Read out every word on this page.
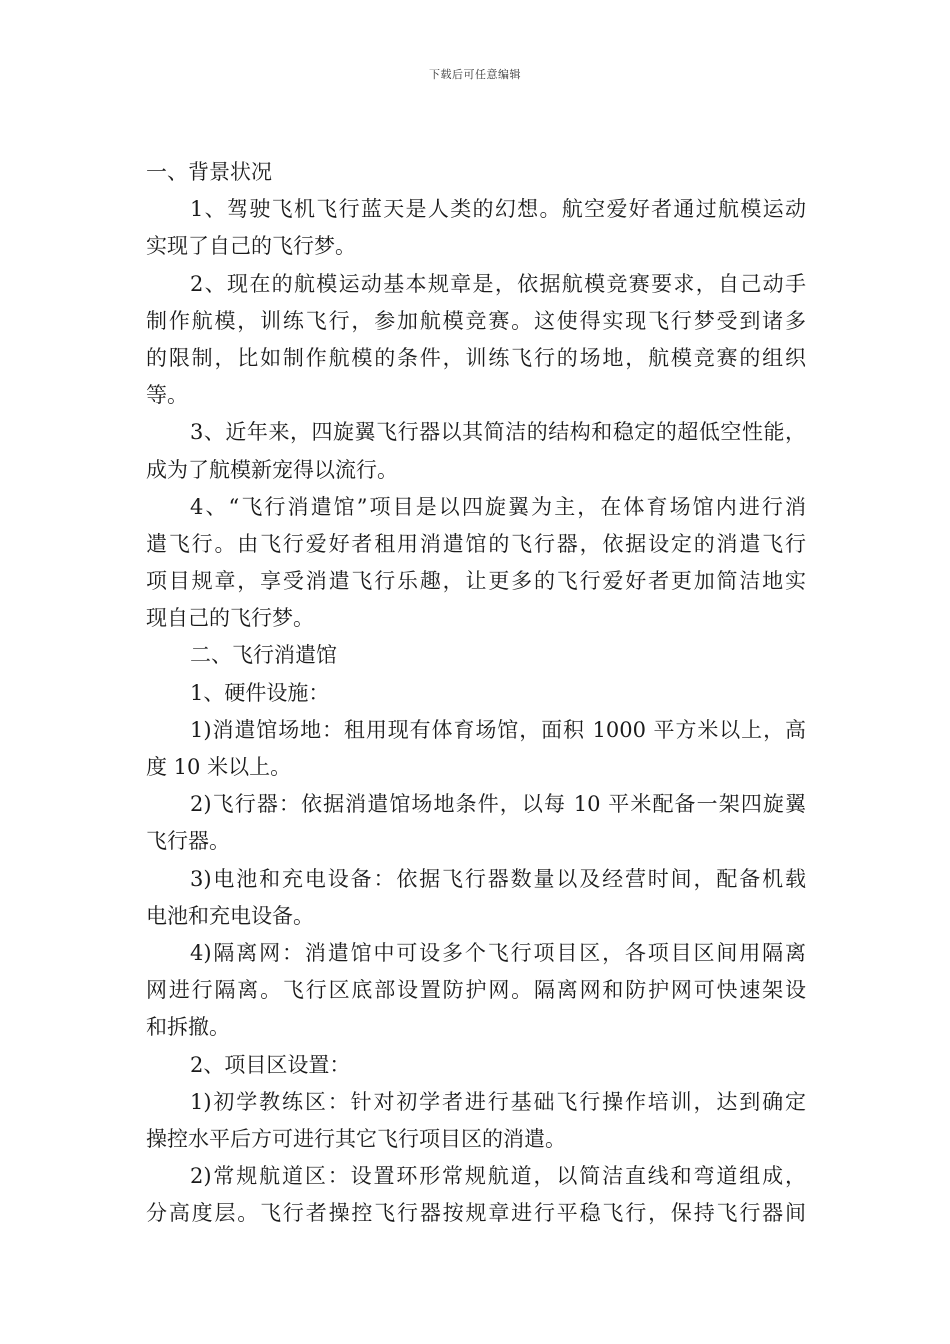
下载后可任意编辑
一、背景状况
1、驾驶飞机飞行蓝天是人类的幻想。航空爱好者通过航模运动
实现了自己的飞行梦。
2、现在的航模运动基本规章是，依据航模竞赛要求，自己动手
制作航模，训练飞行，参加航模竞赛。这使得实现飞行梦受到诸多
的限制，比如制作航模的条件，训练飞行的场地，航模竞赛的组织
等。
3、近年来，四旋翼飞行器以其简洁的结构和稳定的超低空性能，
成为了航模新宠得以流行。
4、“飞行消遣馆”项目是以四旋翼为主，在体育场馆内进行消
遣飞行。由飞行爱好者租用消遣馆的飞行器，依据设定的消遣飞行
项目规章，享受消遣飞行乐趣，让更多的飞行爱好者更加简洁地实
现自己的飞行梦。
二、飞行消遣馆
1、硬件设施：
1)消遣馆场地：租用现有体育场馆，面积 1000 平方米以上，高
度 10 米以上。
2)飞行器：依据消遣馆场地条件，以每 10 平米配备一架四旋翼
飞行器。
3)电池和充电设备：依据飞行器数量以及经营时间，配备机载
电池和充电设备。
4)隔离网：消遣馆中可设多个飞行项目区，各项目区间用隔离
网进行隔离。飞行区底部设置防护网。隔离网和防护网可快速架设
和拆撤。
2、项目区设置：
1)初学教练区：针对初学者进行基础飞行操作培训，达到确定
操控水平后方可进行其它飞行项目区的消遣。
2)常规航道区：设置环形常规航道，以简洁直线和弯道组成，
分高度层。飞行者操控飞行器按规章进行平稳飞行，保持飞行器间
